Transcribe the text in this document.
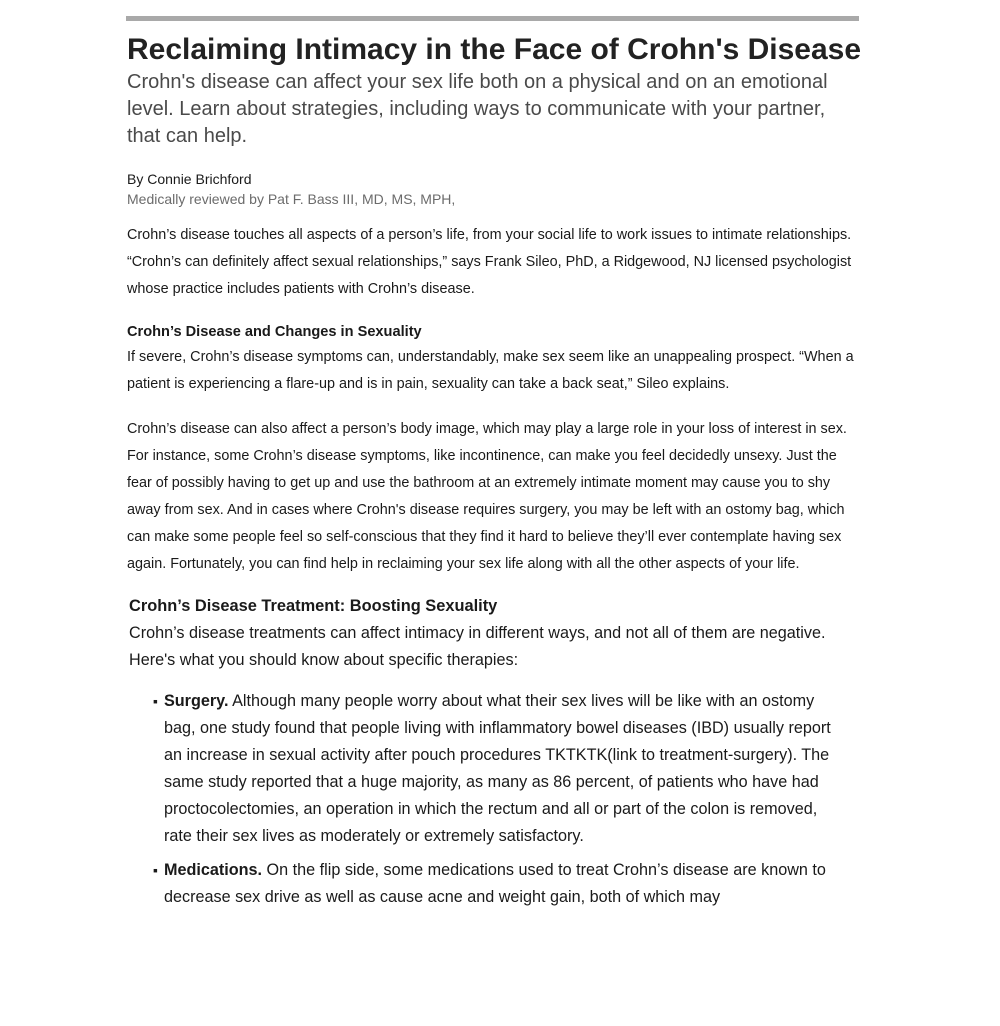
Reclaiming Intimacy in the Face of Crohn's Disease
Crohn's disease can affect your sex life both on a physical and on an emotional level. Learn about strategies, including ways to communicate with your partner, that can help.
By Connie Brichford
Medically reviewed by Pat F. Bass III, MD, MS, MPH,

Crohn’s disease touches all aspects of a person’s life, from your social life to work issues to intimate relationships. “Crohn’s can definitely affect sexual relationships,” says Frank Sileo, PhD, a Ridgewood, NJ licensed psychologist whose practice includes patients with Crohn’s disease.

Crohn’s Disease and Changes in Sexuality

If severe, Crohn’s disease symptoms can, understandably, make sex seem like an unappealing prospect. “When a patient is experiencing a flare-up and is in pain, sexuality can take a back seat,” Sileo explains.

Crohn’s disease can also affect a person’s body image, which may play a large role in your loss of interest in sex. For instance, some Crohn’s disease symptoms, like incontinence, can make you feel decidedly unsexy. Just the fear of possibly having to get up and use the bathroom at an extremely intimate moment may cause you to shy away from sex. And in cases where Crohn's disease requires surgery, you may be left with an ostomy bag, which can make some people feel so self-conscious that they find it hard to believe they’ll ever contemplate having sex again. Fortunately, you can find help in reclaiming your sex life along with all the other aspects of your life.

Crohn’s Disease Treatment: Boosting Sexuality

Crohn’s disease treatments can affect intimacy in different ways, and not all of them are negative. Here's what you should know about specific therapies:

▪ Surgery. Although many people worry about what their sex lives will be like with an ostomy bag, one study found that people living with inflammatory bowel diseases (IBD) usually report an increase in sexual activity after pouch procedures TKTKTK(link to treatment-surgery). The same study reported that a huge majority, as many as 86 percent, of patients who have had proctocolectomies, an operation in which the rectum and all or part of the colon is removed, rate their sex lives as moderately or extremely satisfactory.
▪ Medications. On the flip side, some medications used to treat Crohn’s disease are known to decrease sex drive as well as cause acne and weight gain, both of which may
